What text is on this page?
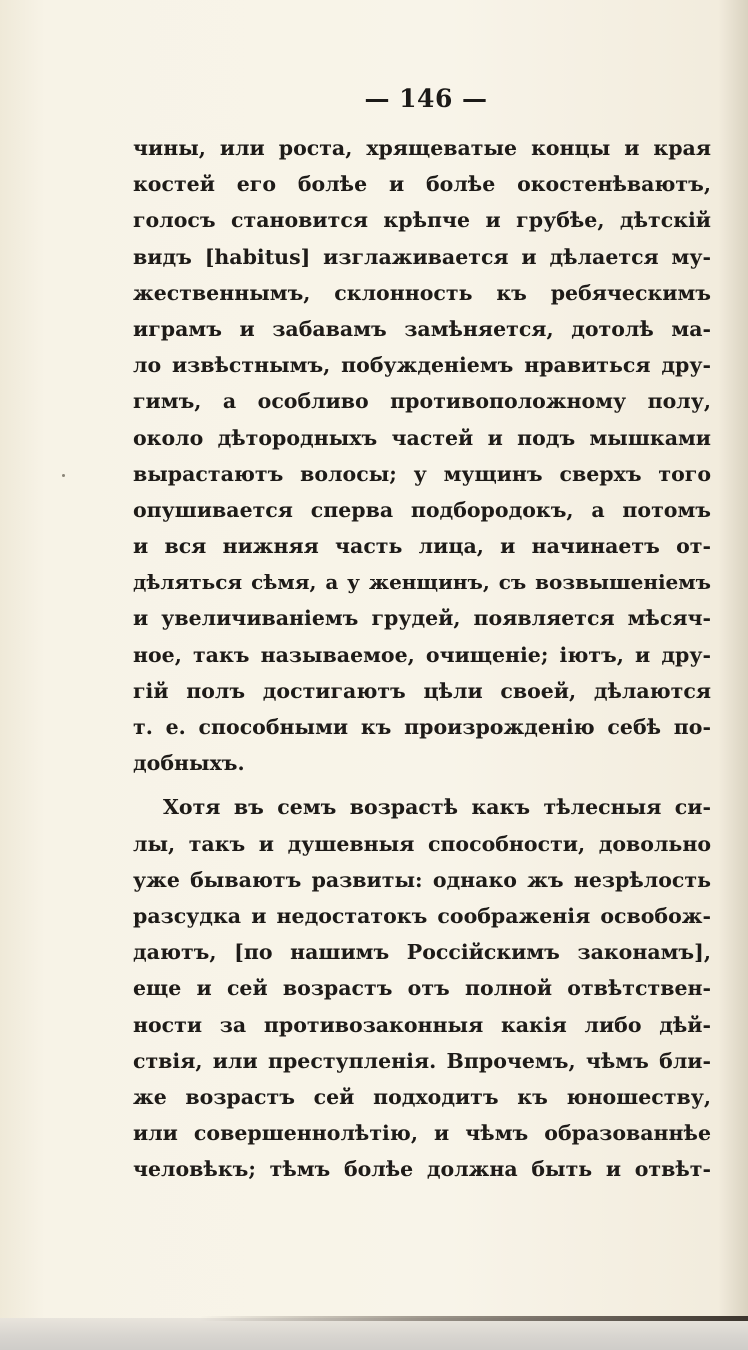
— 146 —
чины, или роста, хрящеватые концы и края
костей его болѣе и болѣе окостенѣваютъ,
голосъ становится крѣпче и грубѣе, дѣтскій
видъ [habitus] изглаживается и дѣлается му-
жественнымъ, склонность къ ребяческимъ
играмъ и забавамъ замѣняется, дотолѣ ма-
ло извѣстнымъ, побужденіемъ нравиться дру-
гимъ, а особливо противоположному полу,
около дѣтородныхъ частей и подъ мышками
вырастаютъ волосы; у мущинъ сверхъ того
опушивается сперва подбородокъ, а потомъ
и вся нижняя часть лица, и начинаетъ от-
дѣляться сѣмя, а у женщинъ, съ возвышеніемъ
и увеличиваніемъ грудей, появляется мѣсяч-
ное, такъ называемое, очищеніе; іютъ, и дру-
гій полъ достигаютъ цѣли своей, дѣлаются
т. е. способными къ произрожденію себѣ по-
добныхъ.
Хотя въ семъ возрастѣ какъ тѣлесныя си-
лы, такъ и душевныя способности, довольно
уже бываютъ развиты: однако жъ незрѣлость
разсудка и недостатокъ соображенія освобож-
даютъ, [по нашимъ Россійскимъ законамъ],
еще и сей возрастъ отъ полной отвѣтствен-
ности за противозаконныя какія либо дѣй-
ствія, или преступленія. Впрочемъ, чѣмъ бли-
же возрастъ сей подходитъ къ юношеству,
или совершеннолѣтію, и чѣмъ образованнѣе
человѣкъ; тѣмъ болѣе должна быть и отвѣт-
